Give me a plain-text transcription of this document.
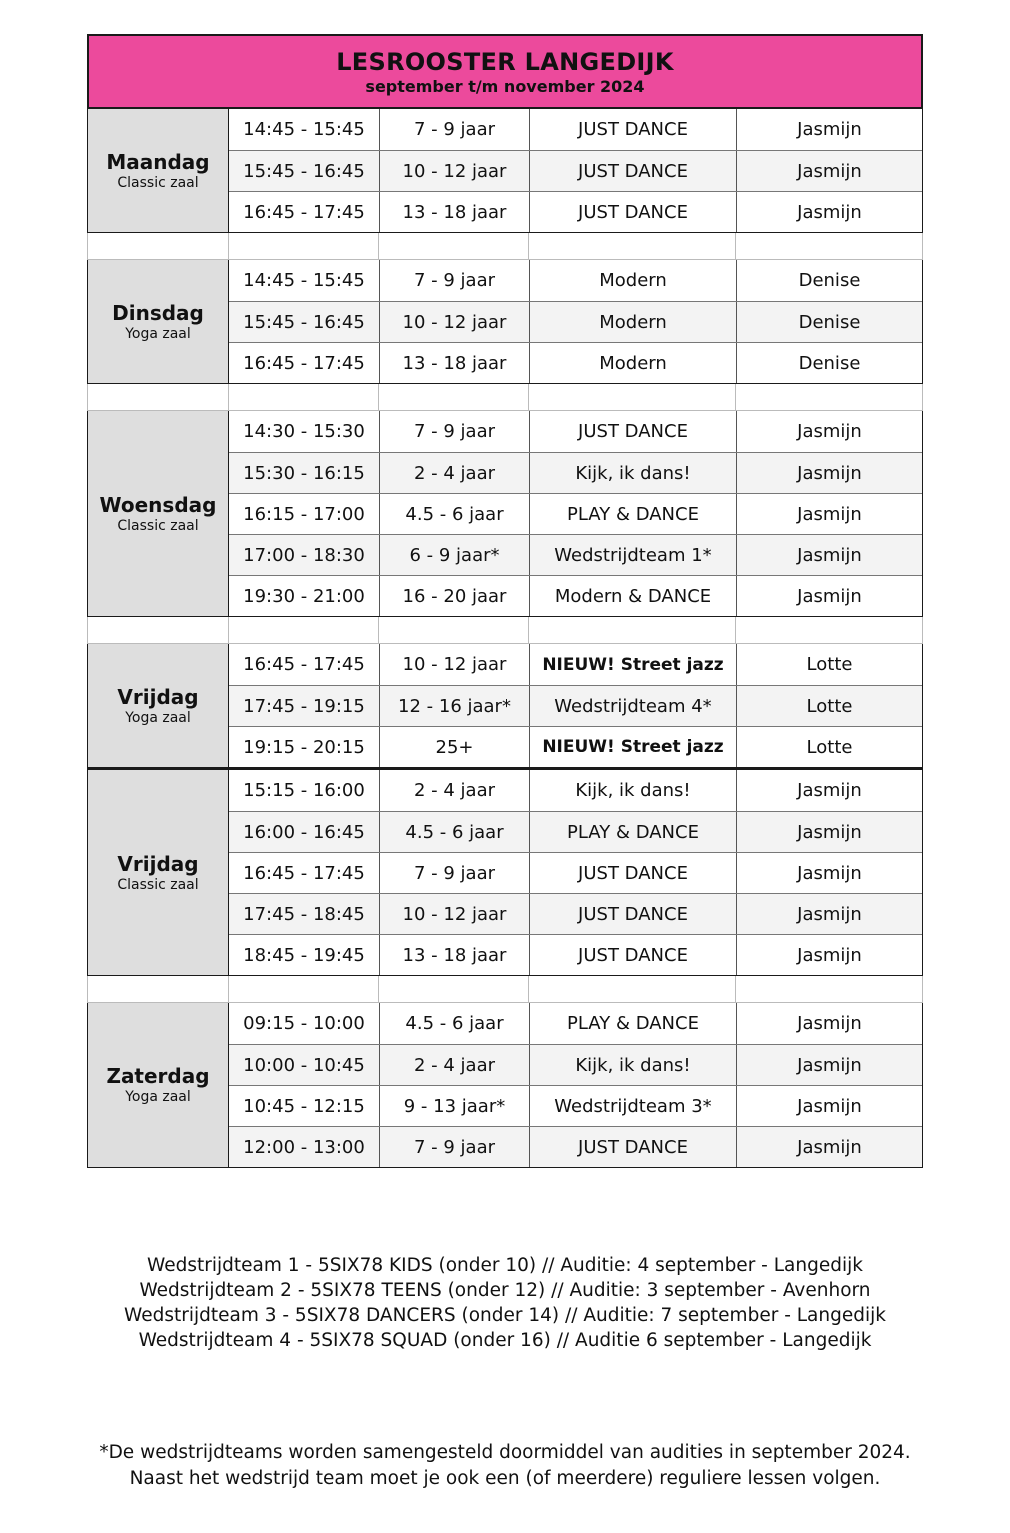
LESROOSTER LANGEDIJK
september t/m november 2024
Maandag
Classic zaal
14:45 - 15:45	7 - 9 jaar	JUST DANCE	Jasmijn
15:45 - 16:45	10 - 12 jaar	JUST DANCE	Jasmijn
16:45 - 17:45	13 - 18 jaar	JUST DANCE	Jasmijn
Dinsdag
Yoga zaal
14:45 - 15:45	7 - 9 jaar	Modern	Denise
15:45 - 16:45	10 - 12 jaar	Modern	Denise
16:45 - 17:45	13 - 18 jaar	Modern	Denise
Woensdag
Classic zaal
14:30 - 15:30	7 - 9 jaar	JUST DANCE	Jasmijn
15:30 - 16:15	2 - 4 jaar	Kijk, ik dans!	Jasmijn
16:15 - 17:00	4.5 - 6 jaar	PLAY & DANCE	Jasmijn
17:00 - 18:30	6 - 9 jaar*	Wedstrijdteam 1*	Jasmijn
19:30 - 21:00	16 - 20 jaar	Modern & DANCE	Jasmijn
Vrijdag
Yoga zaal
16:45 - 17:45	10 - 12 jaar	NIEUW! Street jazz	Lotte
17:45 - 19:15	12 - 16 jaar*	Wedstrijdteam 4*	Lotte
19:15 - 20:15	25+	NIEUW! Street jazz	Lotte
Vrijdag
Classic zaal
15:15 - 16:00	2 - 4 jaar	Kijk, ik dans!	Jasmijn
16:00 - 16:45	4.5 - 6 jaar	PLAY & DANCE	Jasmijn
16:45 - 17:45	7 - 9 jaar	JUST DANCE	Jasmijn
17:45 - 18:45	10 - 12 jaar	JUST DANCE	Jasmijn
18:45 - 19:45	13 - 18 jaar	JUST DANCE	Jasmijn
Zaterdag
Yoga zaal
09:15 - 10:00	4.5 - 6 jaar	PLAY & DANCE	Jasmijn
10:00 - 10:45	2 - 4 jaar	Kijk, ik dans!	Jasmijn
10:45 - 12:15	9 - 13 jaar*	Wedstrijdteam 3*	Jasmijn
12:00 - 13:00	7 - 9 jaar	JUST DANCE	Jasmijn
Wedstrijdteam 1 - 5SIX78 KIDS (onder 10) // Auditie: 4 september - Langedijk
Wedstrijdteam 2 - 5SIX78 TEENS (onder 12) // Auditie: 3 september - Avenhorn
Wedstrijdteam 3 - 5SIX78 DANCERS (onder 14) // Auditie: 7 september - Langedijk
Wedstrijdteam 4 - 5SIX78 SQUAD (onder 16) // Auditie 6 september - Langedijk
*De wedstrijdteams worden samengesteld doormiddel van audities in september 2024.
Naast het wedstrijd team moet je ook een (of meerdere) reguliere lessen volgen.
